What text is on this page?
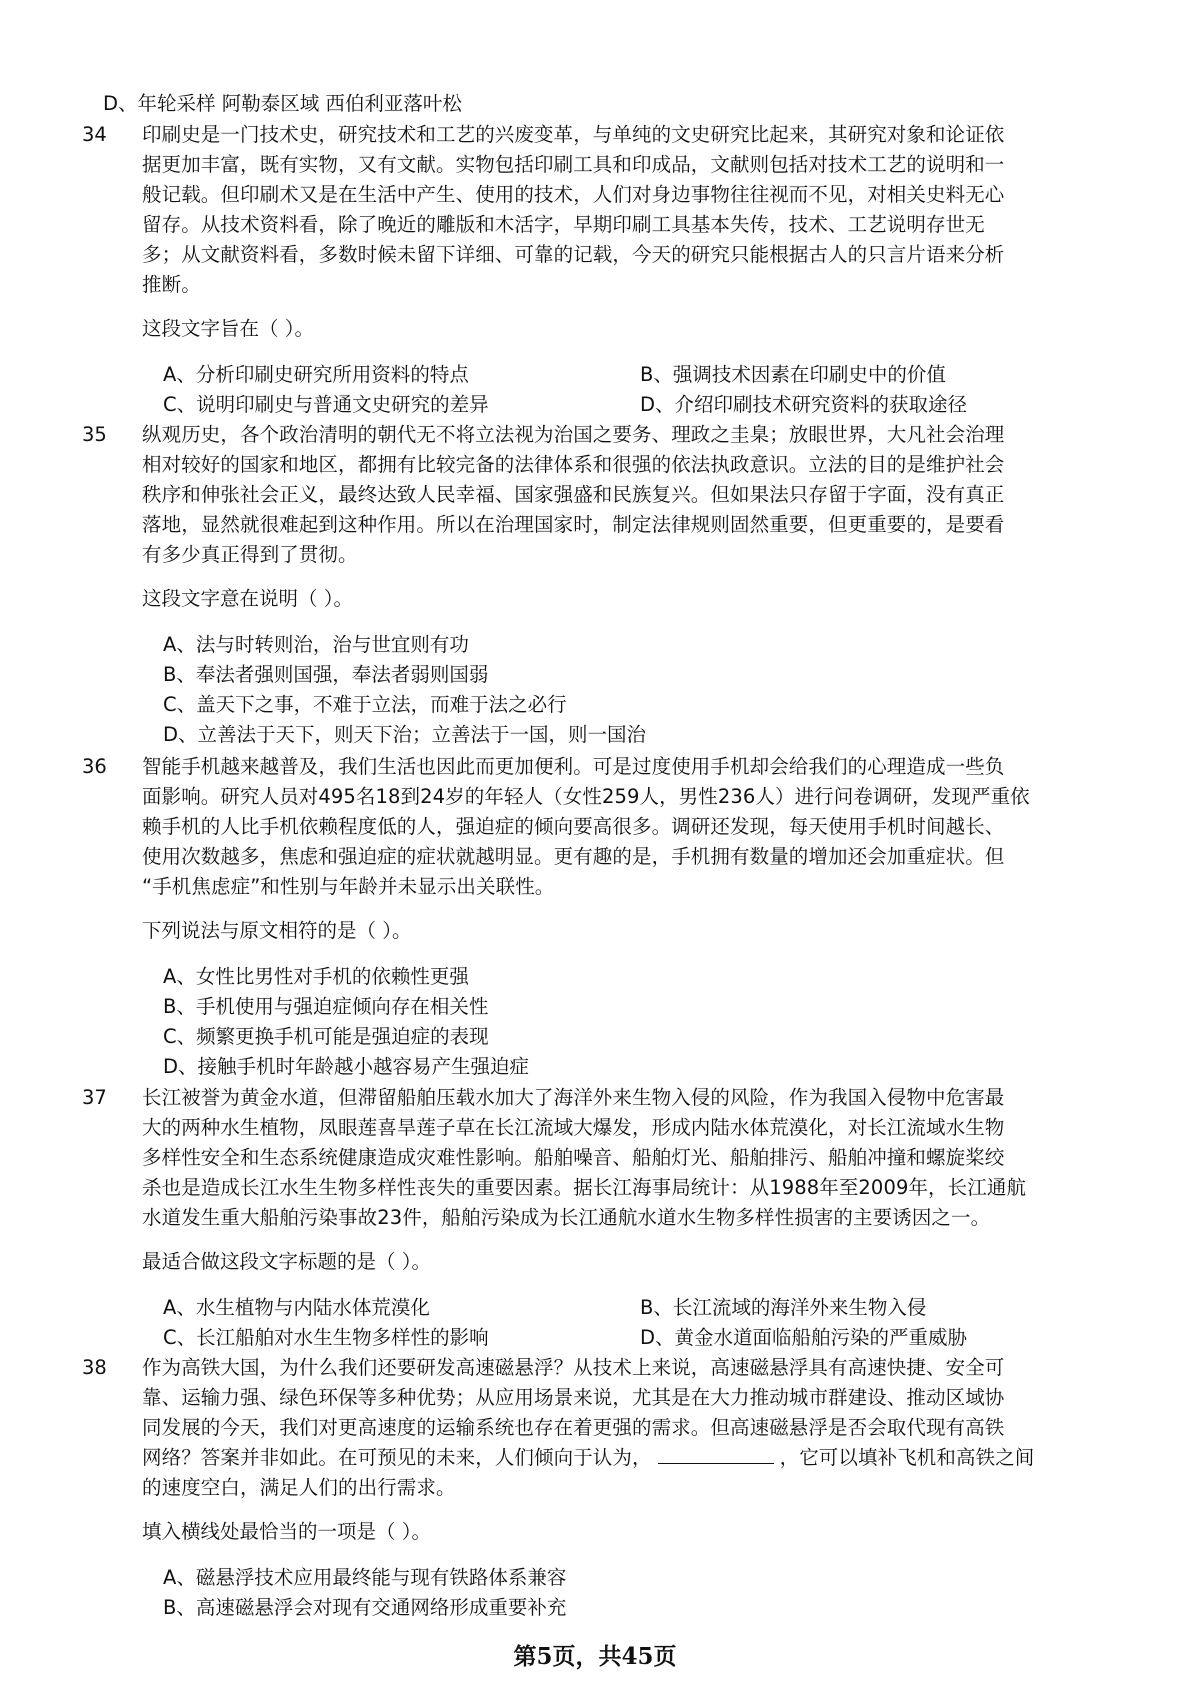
D、年轮采样 阿勒泰区域 西伯利亚落叶松
34 印刷史是一门技术史，研究技术和工艺的兴废变革，与单纯的文史研究比起来，其研究对象和论证依
据更加丰富，既有实物，又有文献。实物包括印刷工具和印成品，文献则包括对技术工艺的说明和一
般记载。但印刷术又是在生活中产生、使用的技术，人们对身边事物往往视而不见，对相关史料无心
留存。从技术资料看，除了晚近的雕版和木活字，早期印刷工具基本失传，技术、工艺说明存世无
多；从文献资料看，多数时候未留下详细、可靠的记载，今天的研究只能根据古人的只言片语来分析
推断。
这段文字旨在（ ）。
A、分析印刷史研究所用资料的特点	B、强调技术因素在印刷史中的价值
C、说明印刷史与普通文史研究的差异	D、介绍印刷技术研究资料的获取途径
35 纵观历史，各个政治清明的朝代无不将立法视为治国之要务、理政之圭臬；放眼世界，大凡社会治理
相对较好的国家和地区，都拥有比较完备的法律体系和很强的依法执政意识。立法的目的是维护社会
秩序和伸张社会正义，最终达致人民幸福、国家强盛和民族复兴。但如果法只存留于字面，没有真正
落地，显然就很难起到这种作用。所以在治理国家时，制定法律规则固然重要，但更重要的，是要看
有多少真正得到了贯彻。
这段文字意在说明（ ）。
A、法与时转则治，治与世宜则有功
B、奉法者强则国强，奉法者弱则国弱
C、盖天下之事，不难于立法，而难于法之必行
D、立善法于天下，则天下治；立善法于一国，则一国治
36 智能手机越来越普及，我们生活也因此而更加便利。可是过度使用手机却会给我们的心理造成一些负
面影响。研究人员对495名18到24岁的年轻人（女性259人，男性236人）进行问卷调研，发现严重依
赖手机的人比手机依赖程度低的人，强迫症的倾向要高很多。调研还发现，每天使用手机时间越长、
使用次数越多，焦虑和强迫症的症状就越明显。更有趣的是，手机拥有数量的增加还会加重症状。但
“手机焦虑症”和性别与年龄并未显示出关联性。
下列说法与原文相符的是（ ）。
A、女性比男性对手机的依赖性更强
B、手机使用与强迫症倾向存在相关性
C、频繁更换手机可能是强迫症的表现
D、接触手机时年龄越小越容易产生强迫症
37 长江被誉为黄金水道，但滞留船舶压载水加大了海洋外来生物入侵的风险，作为我国入侵物中危害最
大的两种水生植物，凤眼莲喜旱莲子草在长江流域大爆发，形成内陆水体荒漠化，对长江流域水生物
多样性安全和生态系统健康造成灾难性影响。船舶噪音、船舶灯光、船舶排污、船舶冲撞和螺旋桨绞
杀也是造成长江水生生物多样性丧失的重要因素。据长江海事局统计：从1988年至2009年，长江通航
水道发生重大船舶污染事故23件，船舶污染成为长江通航水道水生物多样性损害的主要诱因之一。
最适合做这段文字标题的是（ ）。
A、水生植物与内陆水体荒漠化	B、长江流域的海洋外来生物入侵
C、长江船舶对水生生物多样性的影响	D、黄金水道面临船舶污染的严重威胁
38 作为高铁大国，为什么我们还要研发高速磁悬浮？从技术上来说，高速磁悬浮具有高速快捷、安全可
靠、运输力强、绿色环保等多种优势；从应用场景来说，尤其是在大力推动城市群建设、推动区域协
同发展的今天，我们对更高速度的运输系统也存在着更强的需求。但高速磁悬浮是否会取代现有高铁
网络？答案并非如此。在可预见的未来，人们倾向于认为，	，它可以填补飞机和高铁之间
的速度空白，满足人们的出行需求。
填入横线处最恰当的一项是（ ）。
A、磁悬浮技术应用最终能与现有铁路体系兼容
B、高速磁悬浮会对现有交通网络形成重要补充
第5页，共45页
